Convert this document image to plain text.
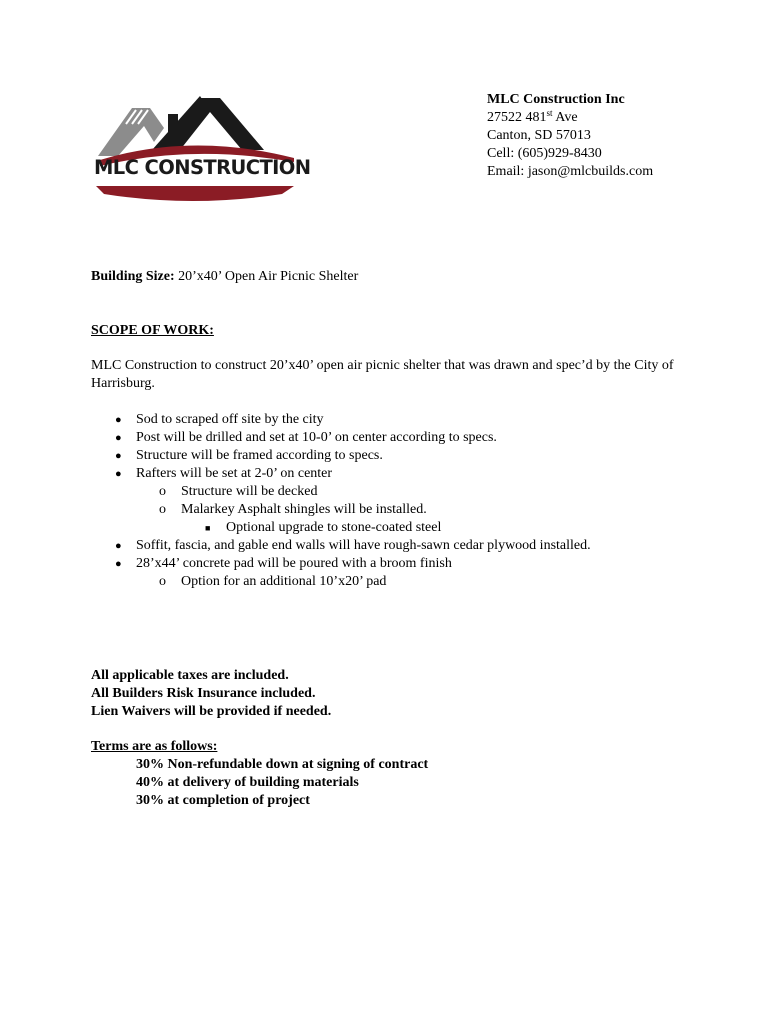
MLC CONSTRUCTION
MLC Construction Inc
27522 481st Ave
Canton, SD 57013
Cell: (605)929-8430
Email: jason@mlcbuilds.com
Building Size: 20’x40’ Open Air Picnic Shelter
SCOPE OF WORK:
MLC Construction to construct 20’x40’ open air picnic shelter that was drawn and spec’d by the City of Harrisburg.
● Sod to scraped off site by the city
● Post will be drilled and set at 10-0’ on center according to specs.
● Structure will be framed according to specs.
● Rafters will be set at 2-0’ on center
o Structure will be decked
o Malarkey Asphalt shingles will be installed.
■ Optional upgrade to stone-coated steel
● Soffit, fascia, and gable end walls will have rough-sawn cedar plywood installed.
● 28’x44’ concrete pad will be poured with a broom finish
o Option for an additional 10’x20’ pad
All applicable taxes are included.
All Builders Risk Insurance included.
Lien Waivers will be provided if needed.
Terms are as follows:
30% Non-refundable down at signing of contract
40% at delivery of building materials
30% at completion of project
